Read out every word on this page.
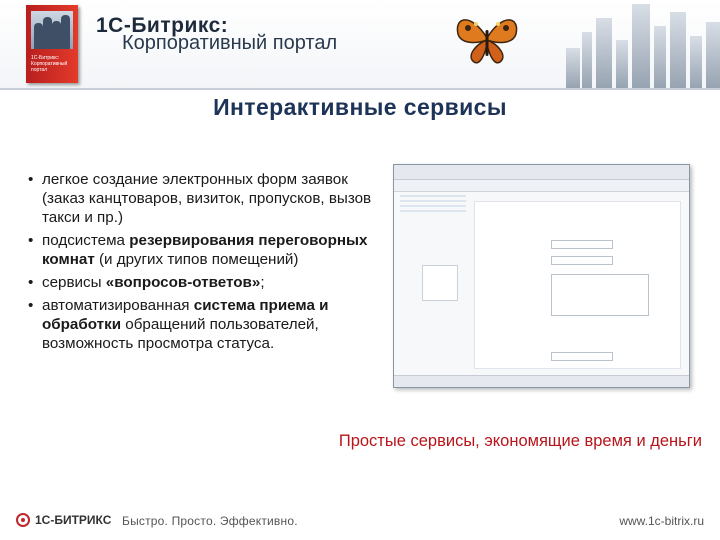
1С-Битрикс: Корпоративный портал
1С-Битрикс:
Корпоративный портал
Интерактивные сервисы
• легкое создание электронных форм заявок (заказ канцтоваров, визиток, пропусков, вызов такси и пр.)
• подсистема резервирования переговорных комнат (и других типов помещений)
• сервисы «вопросов-ответов»;
• автоматизированная система приема и обработки обращений пользователей, возможность просмотра статуса.
Простые сервисы, экономящие время и деньги
1С-БИТРИКС Быстро. Просто. Эффективно.	www.1c-bitrix.ru
